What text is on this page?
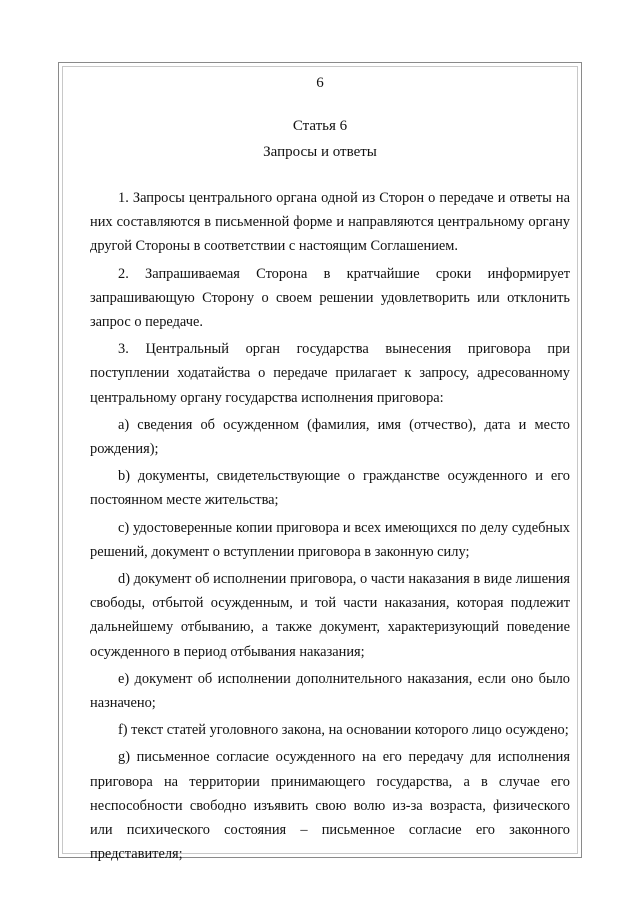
6
Статья 6
Запросы и ответы

1. Запросы центрального органа одной из Сторон о передаче и ответы на них составляются в письменной форме и направляются центральному органу другой Стороны в соответствии с настоящим Соглашением.

2. Запрашиваемая Сторона в кратчайшие сроки информирует запрашивающую Сторону о своем решении удовлетворить или отклонить запрос о передаче.

3. Центральный орган государства вынесения приговора при поступлении ходатайства о передаче прилагает к запросу, адресованному центральному органу государства исполнения приговора:

a) сведения об осужденном (фамилия, имя (отчество), дата и место рождения);

b) документы, свидетельствующие о гражданстве осужденного и его постоянном месте жительства;

c) удостоверенные копии приговора и всех имеющихся по делу судебных решений, документ о вступлении приговора в законную силу;

d) документ об исполнении приговора, о части наказания в виде лишения свободы, отбытой осужденным, и той части наказания, которая подлежит дальнейшему отбыванию, а также документ, характеризующий поведение осужденного в период отбывания наказания;

e) документ об исполнении дополнительного наказания, если оно было назначено;

f) текст статей уголовного закона, на основании которого лицо осуждено;

g) письменное согласие осужденного на его передачу для исполнения приговора на территории принимающего государства, а в случае его неспособности свободно изъявить свою волю из-за возраста, физического или психического состояния – письменное согласие его законного представителя;
